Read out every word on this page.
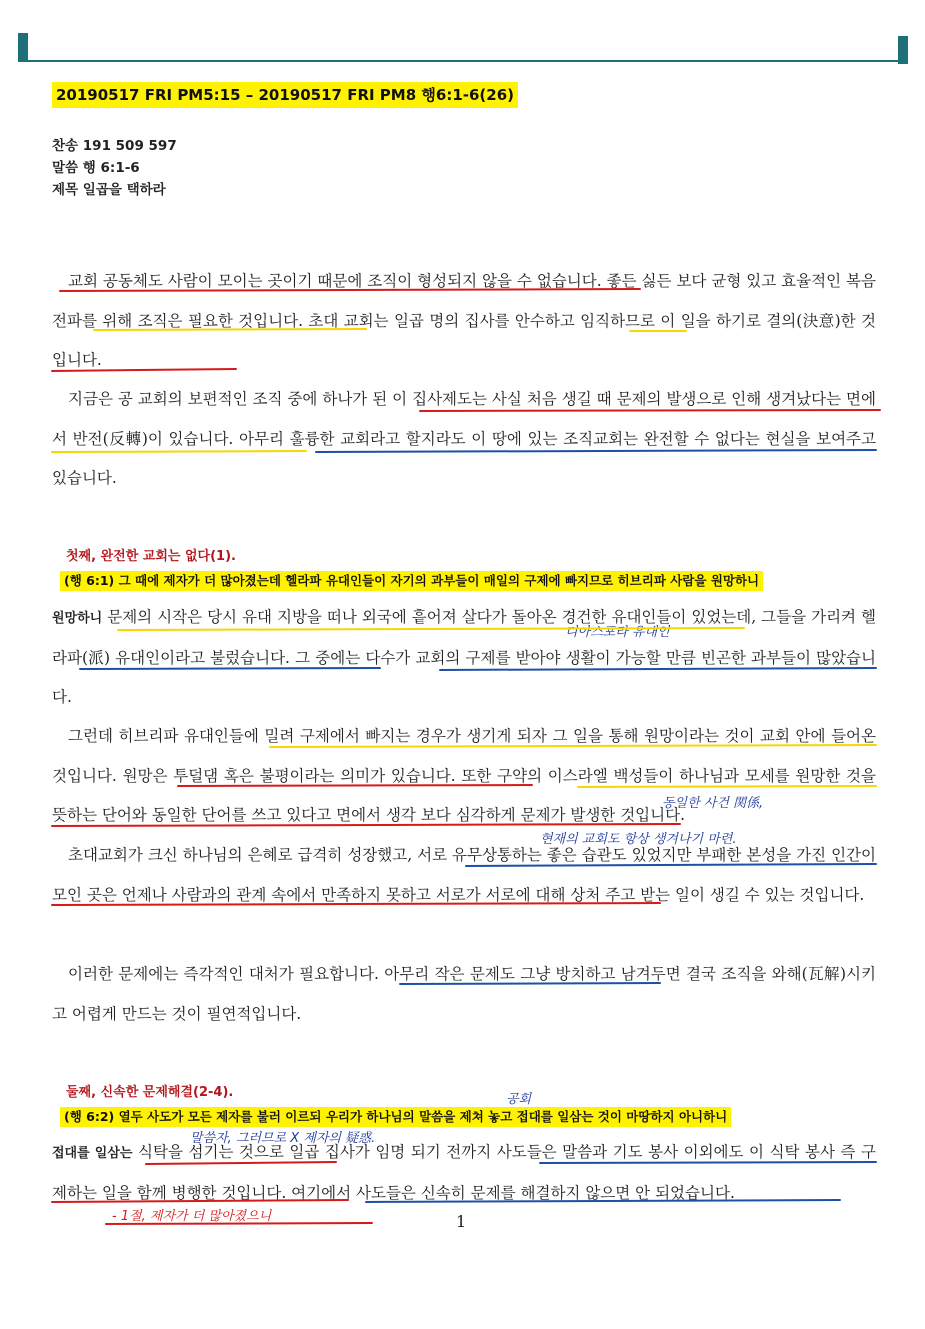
20190517 FRI PM5:15 – 20190517 FRI PM8 행6:1-6(26)
찬송 191 509 597
말씀 행 6:1-6
제목 일곱을 택하라

교회 공동체도 사람이 모이는 곳이기 때문에 조직이 형성되지 않을 수 없습니다. 좋든 싫든 보다 균형 있고 효율적인 복음 전파를 위해 조직은 필요한 것입니다. 초대 교회는 일곱 명의 집사를 안수하고 임직하므로 이 일을 하기로 결의(決意)한 것입니다.

지금은 공 교회의 보편적인 조직 중에 하나가 된 이 집사제도는 사실 처음 생길 때 문제의 발생으로 인해 생겨났다는 면에서 반전(反轉)이 있습니다. 아무리 훌륭한 교회라고 할지라도 이 땅에 있는 조직교회는 완전할 수 없다는 현실을 보여주고 있습니다.

첫째, 완전한 교회는 없다(1).
(행 6:1) 그 때에 제자가 더 많아졌는데 헬라파 유대인들이 자기의 과부들이 매일의 구제에 빠지므로 히브리파 사람을 원망하니

원망하니 문제의 시작은 당시 유대 지방을 떠나 외국에 흩어져 살다가 돌아온 경건한 유대인들이 있었는데, 그들을 가리켜 헬라파(派) 유대인이라고 불렀습니다. 그 중에는 다수가 교회의 구제를 받아야 생활이 가능할 만큼 빈곤한 과부들이 많았습니다.

그런데 히브리파 유대인들에 밀려 구제에서 빠지는 경우가 생기게 되자 그 일을 통해 원망이라는 것이 교회 안에 들어온 것입니다. 원망은 투덜댐 혹은 불평이라는 의미가 있습니다. 또한 구약의 이스라엘 백성들이 하나님과 모세를 원망한 것을 뜻하는 단어와 동일한 단어를 쓰고 있다고 면에서 생각 보다 심각하게 문제가 발생한 것입니다.

초대교회가 크신 하나님의 은혜로 급격히 성장했고, 서로 유무상통하는 좋은 습관도 있었지만 부패한 본성을 가진 인간이 모인 곳은 언제나 사람과의 관계 속에서 만족하지 못하고 서로가 서로에 대해 상처 주고 받는 일이 생길 수 있는 것입니다.

이러한 문제에는 즉각적인 대처가 필요합니다. 아무리 작은 문제도 그냥 방치하고 남겨두면 결국 조직을 와해(瓦解)시키고 어렵게 만드는 것이 필연적입니다.

둘째, 신속한 문제해결(2-4).
(행 6:2) 열두 사도가 모든 제자를 불러 이르되 우리가 하나님의 말씀을 제쳐 놓고 접대를 일삼는 것이 마땅하지 아니하니

접대를 일삼는 식탁을 섬기는 것으로 일곱 집사가 임명 되기 전까지 사도들은 말씀과 기도 봉사 이외에도 이 식탁 봉사 즉 구제하는 일을 함께 병행한 것입니다. 여기에서 사도들은 신속히 문제를 해결하지 않으면 안 되었습니다.

1
디아스포라 유대인
동일한 사건 関係,
현재의 교회도 항상 생겨나기 마련.
공회
말씀자, 그러므로 X 제자의 疑惑.
- 1절, 제자가 더 많아졌으니
